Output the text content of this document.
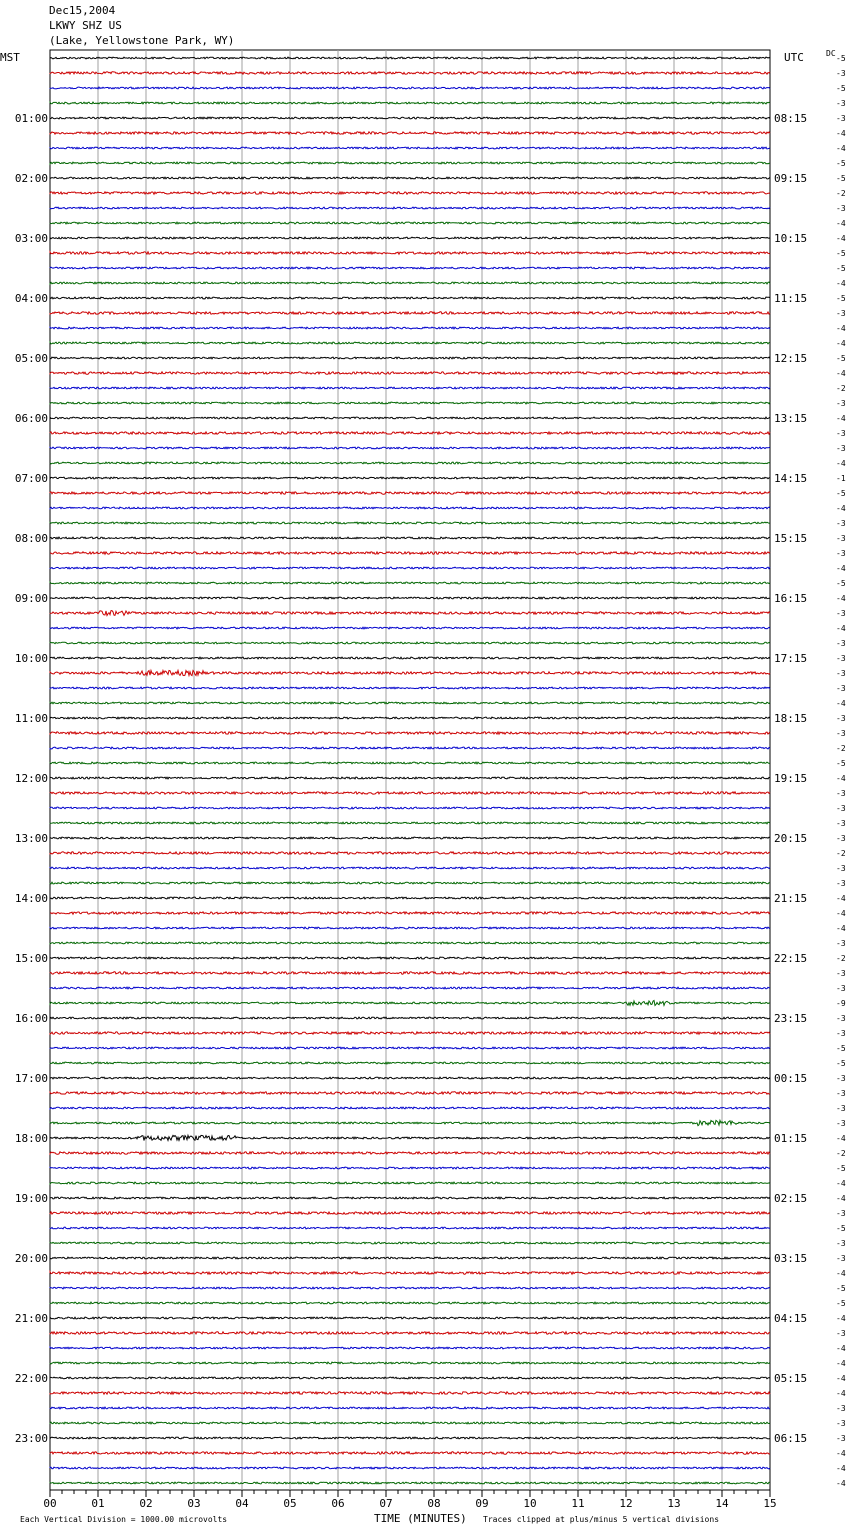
Dec15,2004
LKWY SHZ US
(Lake, Yellowstone Park, WY)
MST	UTC	DC
00	01	02	03	04	05	06	07	08	09	10	11	12	13	14	15
-5
-3
-5
-3
-3
-4
-4
-5
-5
-2
-3
-4
-4
-5
-5
-4
-5
-3
-4
-4
-5
-4
-2
-3
-4
-3
-3
-4
-1
-5
-4
-3
-3
-3
-4
-5
-4
-3
-4
-3
-3
-3
-3
-4
-3
-3
-2
-5
-4
-3
-3
-3
-3
-2
-3
-3
-4
-4
-4
-3
-2
-3
-3
-9
-3
-3
-5
-5
-3
-3
-3
-3
-4
-2
-5
-4
-4
-3
-5
-3
-3
-4
-5
-5
-4
-3
-4
-4
-4
-4
-3
-3
-3
-4
-4
-4
01:00
02:00
03:00
04:00
05:00
06:00
07:00
08:00
09:00
10:00
11:00
12:00
13:00
14:00
15:00
16:00
17:00
18:00
19:00
20:00
21:00
22:00
23:00
08:15
09:15
10:15
11:15
12:15
13:15
14:15
15:15
16:15
17:15
18:15
19:15
20:15
21:15
22:15
23:15
00:15
01:15
02:15
03:15
04:15
05:15
06:15
Each Vertical Division = 1000.00 microvolts	TIME (MINUTES) Traces clipped at plus/minus 5 vertical divisions
